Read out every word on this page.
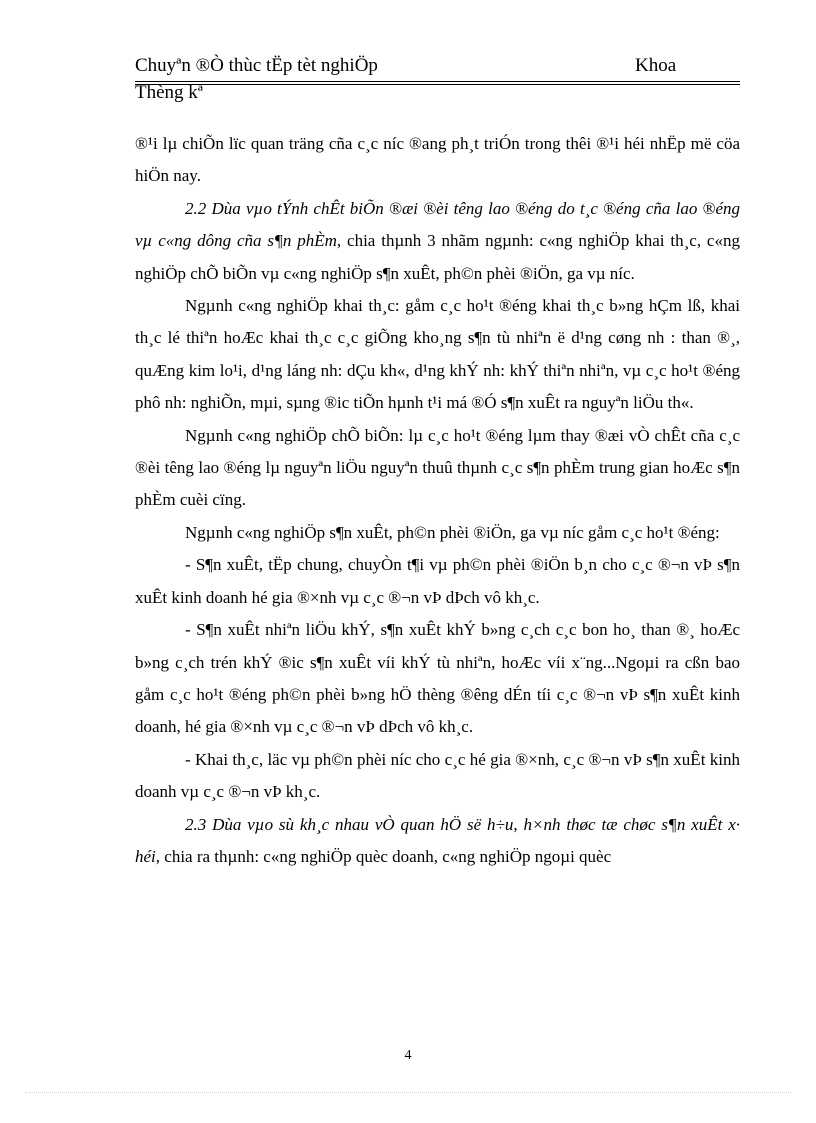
Chuyªn ®Ò thùc tËp tèt nghiÖp	Khoa
Thèng kª

®¹i lµ chiÕn lïc quan träng cña c¸c níc ®ang ph¸t triÓn trong thêi ®¹i héi nhËp më cöa hiÖn nay.

2.2 Dùa vµo tÝnh chÊt biÕn ®æi ®èi têng lao ®éng do t¸c ®éng cña lao ®éng vµ c«ng dông cña s¶n phÈm, chia thµnh 3 nhãm ngµnh: c«ng nghiÖp khai th¸c, c«ng nghiÖp chÕ biÕn vµ c«ng nghiÖp s¶n xuÊt, ph©n phèi ®iÖn, ga vµ níc.

Ngµnh c«ng nghiÖp khai th¸c: gåm c¸c ho¹t ®éng khai th¸c b»ng hÇm lß, khai th¸c lé thiªn hoÆc khai th¸c c¸c giÕng kho¸ng s¶n tù nhiªn ë d¹ng cøng nh : than ®¸, quÆng kim lo¹i, d¹ng láng nh: dÇu kh«, d¹ng khÝ nh: khÝ thiªn nhiªn, vµ c¸c ho¹t ®éng phô nh: nghiÕn, mµi, sµng ®ic tiÕn hµnh t¹i má ®Ó s¶n xuÊt ra nguyªn liÖu th«.

Ngµnh c«ng nghiÖp chÕ biÕn: lµ c¸c ho¹t ®éng lµm thay ®æi vÒ chÊt cña c¸c ®èi têng lao ®éng lµ nguyªn liÖu nguyªn thuû thµnh c¸c s¶n phÈm trung gian hoÆc s¶n phÈm cuèi cïng.

Ngµnh c«ng nghiÖp s¶n xuÊt, ph©n phèi ®iÖn, ga vµ níc gåm c¸c ho¹t ®éng:

- S¶n xuÊt, tËp chung, chuyÒn t¶i vµ ph©n phèi ®iÖn b¸n cho c¸c ®¬n vÞ s¶n xuÊt kinh doanh hé gia ®×nh vµ c¸c ®¬n vÞ dÞch vô kh¸c.

- S¶n xuÊt nhiªn liÖu khÝ, s¶n xuÊt khÝ b»ng c¸ch c¸c bon ho¸ than ®¸ hoÆc b»ng c¸ch trén khÝ ®ic s¶n xuÊt víi khÝ tù nhiªn, hoÆc víi x¨ng...Ngoµi ra cßn bao gåm c¸c ho¹t ®éng ph©n phèi b»ng hÖ thèng ®êng dÉn tíi c¸c ®¬n vÞ s¶n xuÊt kinh doanh, hé gia ®×nh vµ c¸c ®¬n vÞ dÞch vô kh¸c.

- Khai th¸c, läc vµ ph©n phèi níc cho c¸c hé gia ®×nh, c¸c ®¬n vÞ s¶n xuÊt kinh doanh vµ c¸c ®¬n vÞ kh¸c.

2.3 Dùa vµo sù kh¸c nhau vÒ quan hÖ së h÷u, h×nh thøc tæ chøc s¶n xuÊt x· héi, chia ra thµnh: c«ng nghiÖp quèc doanh, c«ng nghiÖp ngoµi quèc

4
